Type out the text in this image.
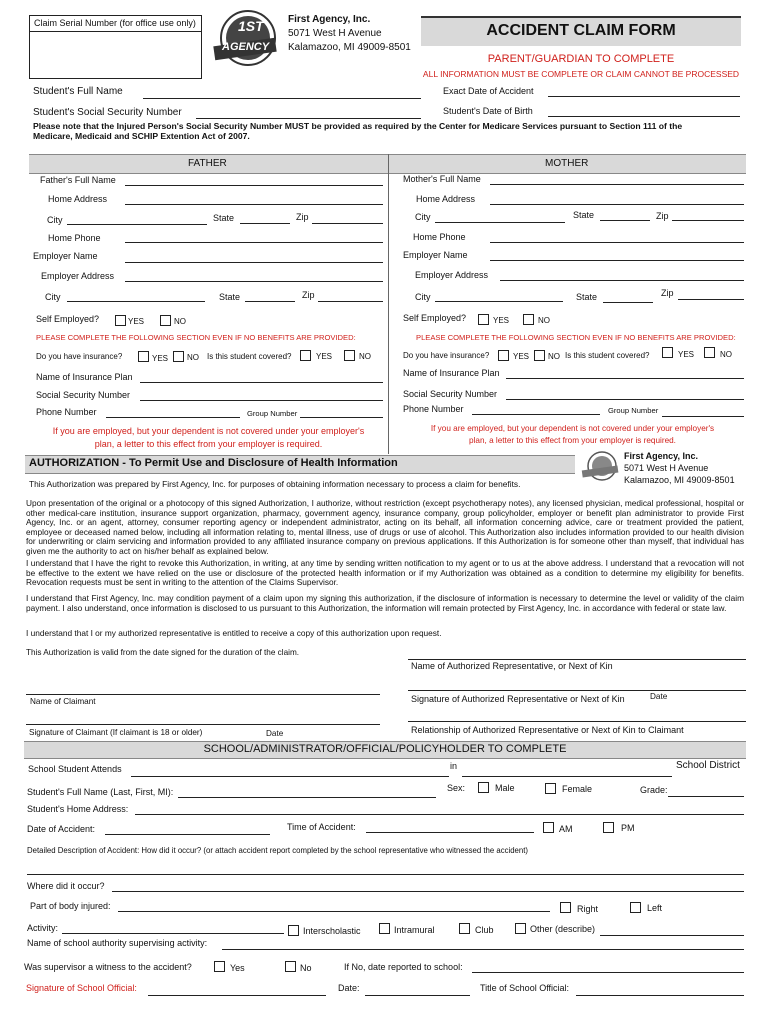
Claim Serial Number (for office use only)	1ST
AGENCY
First Agency, Inc.
5071 West H Avenue
Kalamazoo, MI 49009-8501
ACCIDENT CLAIM FORM
PARENT/GUARDIAN TO COMPLETE
ALL INFORMATION MUST BE COMPLETE OR CLAIM CANNOT BE PROCESSED
Student's Full Name	Exact Date of Accident
Student's Social Security Number	Student's Date of Birth
Please note that the Injured Person's Social Security Number MUST be provided as required by the Center for Medicare Services pursuant to Section 111 of the Medicare, Medicaid and SCHIP Extention Act of 2007.
FATHER	MOTHER
Father's Full Name
Home Address
City	State	Zip
Home Phone
Employer Name
Employer Address
City	State	Zip
Self Employed?	YES	NO
PLEASE COMPLETE THE FOLLOWING SECTION EVEN IF NO BENEFITS ARE PROVIDED:
Do you have insurance?	YES NO Is this student covered?	YES	NO
Name of Insurance Plan
Social Security Number
Phone Number	Group Number
If you are employed, but your dependent is not covered under your employer's
plan, a letter to this effect from your employer is required.
Mother's Full Name
Home Address
City	State	Zip
Home Phone
Employer Name
Employer Address
City	State	Zip
Self Employed?	YES	NO
PLEASE COMPLETE THE FOLLOWING SECTION EVEN IF NO BENEFITS ARE PROVIDED:
Do you have insurance?	YES NO Is this student covered?	YES	NO
Name of Insurance Plan
Social Security Number
Phone Number	Group Number
If you are employed, but your dependent is not covered under your employer's
plan, a letter to this effect from your employer is required.
AUTHORIZATION - To Permit Use and Disclosure of Health Information
First Agency, Inc.
5071 West H Avenue
Kalamazoo, MI 49009-8501
This Authorization was prepared by First Agency, Inc. for purposes of obtaining information necessary to process a claim for benefits.
Upon presentation of the original or a photocopy of this signed Authorization, I authorize, without restriction (except psychotherapy notes), any licensed physician, medical professional, hospital or other medical-care institution, insurance support organization, pharmacy, government agency, insurance company, group policyholder, employer or benefit plan administrator to provide First Agency, Inc. or an agent, attorney, consumer reporting agency or independent administrator, acting on its behalf, all information concerning advice, care or treatment provided the patient, employee or deceased named below, including all information relating to, mental illness, use of drugs or use of alcohol. This Authorization also includes information provided to our health division for underwriting or claim servicing and information provided to any affiliated insurance company on previous applications. If this Authorization is for someone other than myself, that individual has given me the authority to act on his/her behalf as explained below.
I understand that I have the right to revoke this Authorization, in writing, at any time by sending written notification to my agent or to us at the above address. I understand that a revocation will not be effective to the extent we have relied on the use or disclosure of the protected health information or if my Authorization was obtained as a condition to determine my eligibility for benefits. Revocation requests must be sent in writing to the attention of the Claims Supervisor.
I understand that First Agency, Inc. may condition payment of a claim upon my signing this authorization, if the disclosure of information is necessary to determine the level or validity of the claim payment. I also understand, once information is disclosed to us pursuant to this Authorization, the information will remain protected by First Agency, Inc. in accordance with federal or state law.
I understand that I or my authorized representative is entitled to receive a copy of this authorization upon request.
This Authorization is valid from the date signed for the duration of the claim.
Name of Authorized Representative, or Next of Kin
Name of Claimant	Signature of Authorized Representative or Next of Kin	Date
Signature of Claimant (If claimant is 18 or older)	Date	Relationship of Authorized Representative or Next of Kin to Claimant
SCHOOL/ADMINISTRATOR/OFFICIAL/POLICYHOLDER TO COMPLETE
School Student Attends	in	School District
Student's Full Name (Last, First, MI):	Sex:	Male	Female	Grade:
Student's Home Address:
Date of Accident:	Time of Accident:	AM	PM
Detailed Description of Accident: How did it occur? (or attach accident report completed by the school representative who witnessed the accident)
Where did it occur?
Part of body injured:	Right	Left
Activity:	Interscholastic	Intramural	Club	Other (describe)
Name of school authority supervising activity:
Was supervisor a witness to the accident?	Yes	No	If No, date reported to school:
Signature of School Official:	Date:	Title of School Official:
